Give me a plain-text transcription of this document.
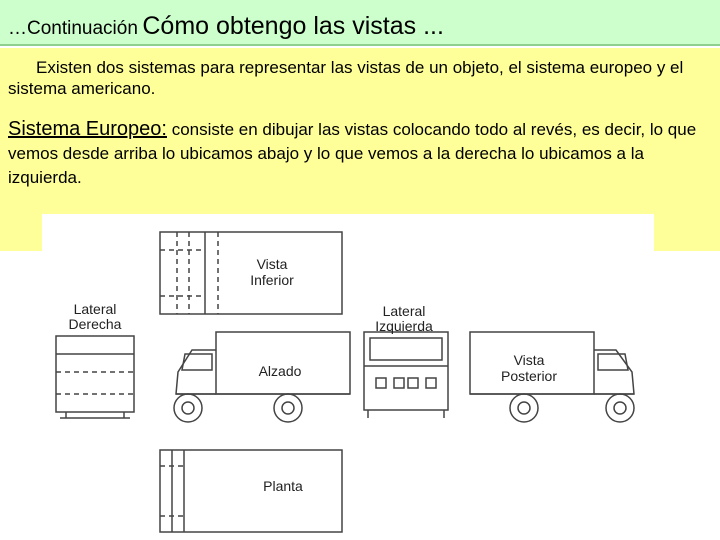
…Continuación Cómo obtengo las vistas ...

Existen dos sistemas para representar las vistas de un objeto, el sistema europeo y el sistema americano.

Sistema Europeo: consiste en dibujar las vistas colocando todo al revés, es decir, lo que vemos desde arriba lo ubicamos abajo y lo que vemos a la derecha lo ubicamos a la izquierda.

Vista
Inferior
Lateral
Derecha
Lateral
Izquierda
Alzado
Vista
Posterior
Planta
